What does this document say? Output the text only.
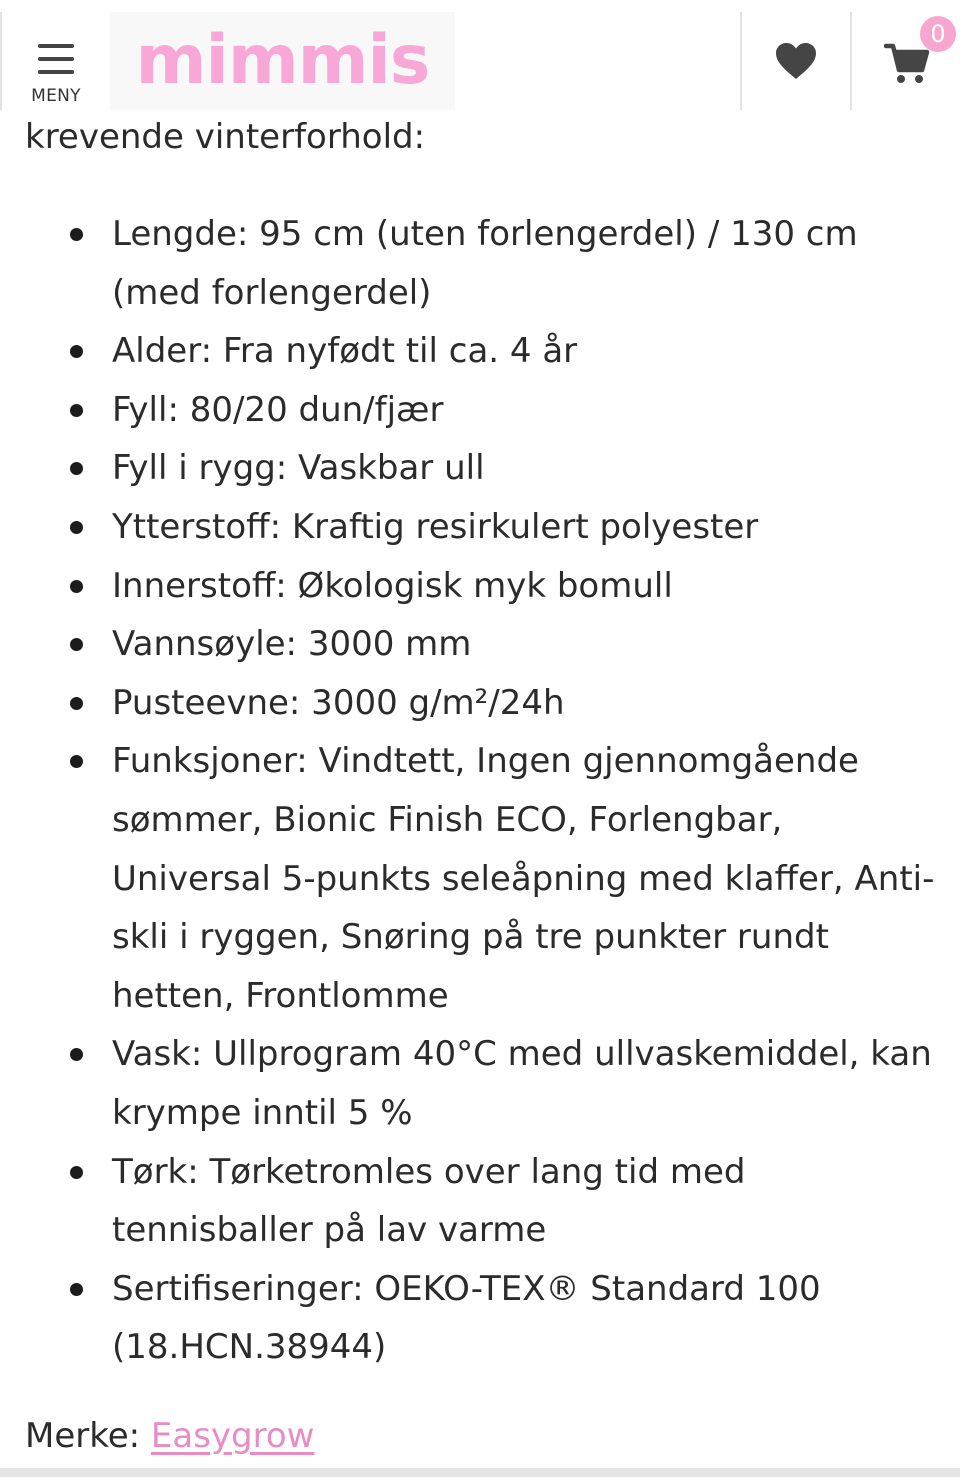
MENY mimmis	0
krevende vinterforhold:
Lengde: 95 cm (uten forlengerdel) / 130 cm (med forlengerdel)
Alder: Fra nyfødt til ca. 4 år
Fyll: 80/20 dun/fjær
Fyll i rygg: Vaskbar ull
Ytterstoff: Kraftig resirkulert polyester
Innerstoff: Økologisk myk bomull
Vannsøyle: 3000 mm
Pusteevne: 3000 g/m²/24h
Funksjoner: Vindtett, Ingen gjennomgående sømmer, Bionic Finish ECO, Forlengbar, Universal 5-punkts seleåpning med klaffer, Anti-skli i ryggen, Snøring på tre punkter rundt hetten, Frontlomme
Vask: Ullprogram 40°C med ullvaskemiddel, kan krympe inntil 5 %
Tørk: Tørketromles over lang tid med tennisballer på lav varme
Sertifiseringer: OEKO-TEX® Standard 100 (18.HCN.38944)
Merke: Easygrow
